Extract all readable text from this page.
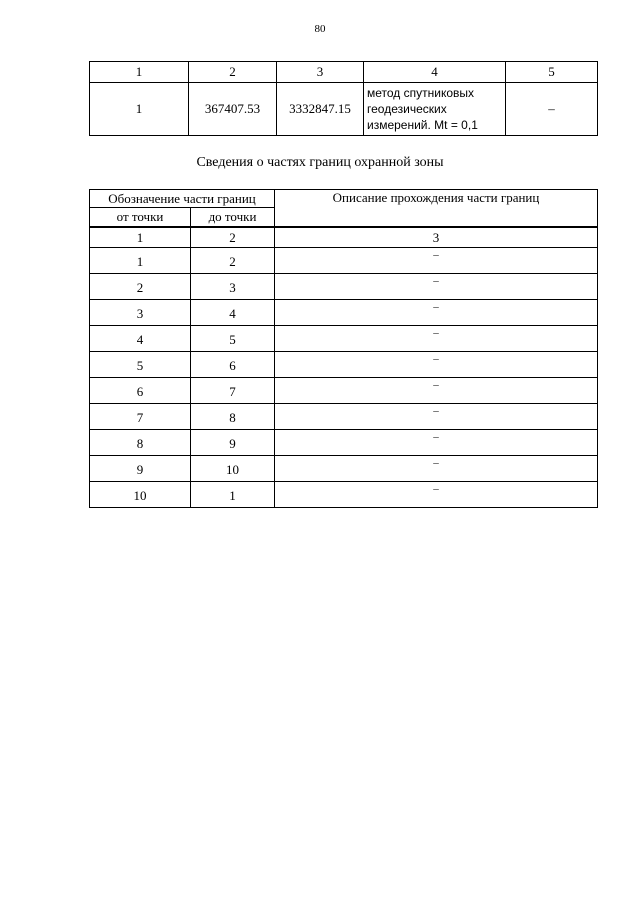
80
1	2	3	4	5
1	367407.53	3332847.15	метод спутниковых
геодезических
измерений. Mt = 0,1	–
Сведения о частях границ охранной зоны
Обозначение части границ		Описание прохождения части границ
от точки	до точки	
1	2	3
1	2	–
2	3	–
3	4	–
4	5	–
5	6	–
6	7	–
7	8	–
8	9	–
9	10	–
10	1	–
